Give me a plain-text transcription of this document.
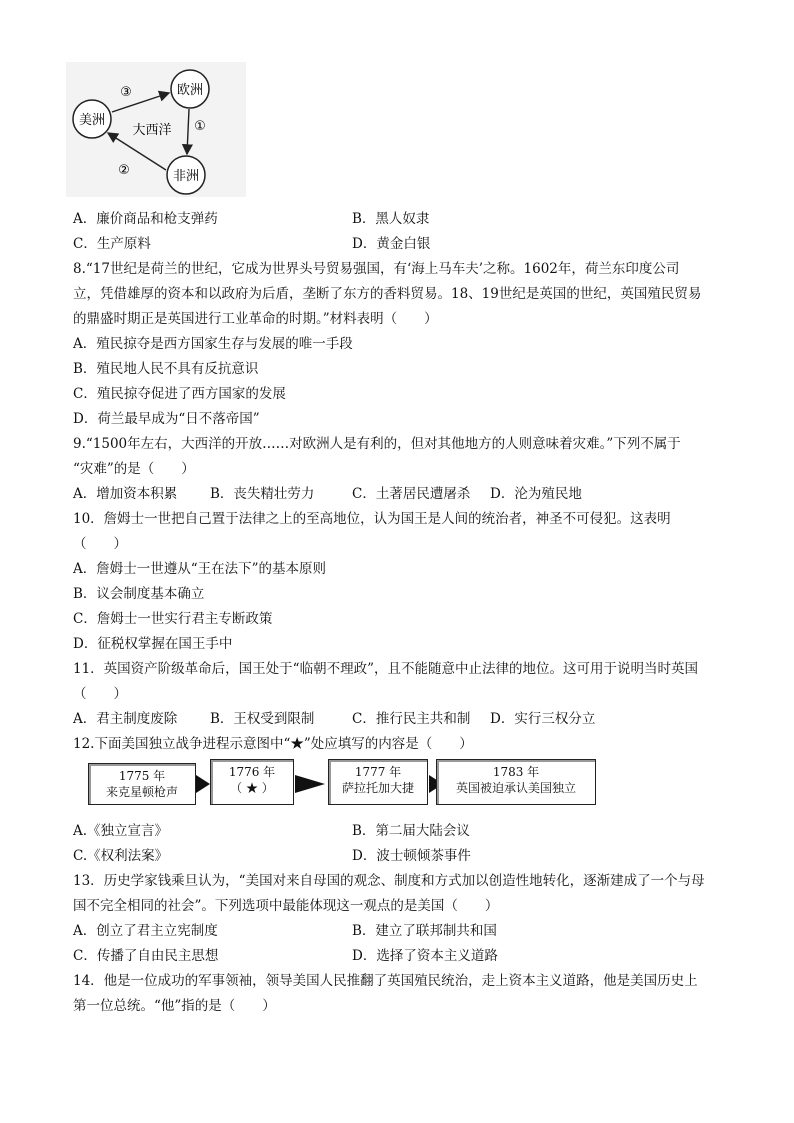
美洲
欧洲
非洲
大西洋
③
①
②
A．廉价商品和枪支弹药	B．黑人奴隶
C．生产原料	D．黄金白银
8.“17世纪是荷兰的世纪，它成为世界头号贸易强国，有‘海上马车夫’之称。1602年，荷兰东印度公司
立，凭借雄厚的资本和以政府为后盾，垄断了东方的香料贸易。18、19世纪是英国的世纪，英国殖民贸易
的鼎盛时期正是英国进行工业革命的时期。”材料表明（　　）
A．殖民掠夺是西方国家生存与发展的唯一手段
B．殖民地人民不具有反抗意识
C．殖民掠夺促进了西方国家的发展
D．荷兰最早成为“日不落帝国”
9.“1500年左右，大西洋的开放……对欧洲人是有利的，但对其他地方的人则意味着灾难。”下列不属于
“灾难”的是（　　）
A．增加资本积累 B．丧失精壮劳力	C．土著居民遭屠杀 D．沦为殖民地
10．詹姆士一世把自己置于法律之上的至高地位，认为国王是人间的统治者，神圣不可侵犯。这表明
（　　）
A．詹姆士一世遵从“王在法下”的基本原则
B．议会制度基本确立
C．詹姆士一世实行君主专断政策
D．征税权掌握在国王手中
11．英国资产阶级革命后，国王处于“临朝不理政”，且不能随意中止法律的地位。这可用于说明当时英国
（　　）
A．君主制度废除 B．王权受到限制	C．推行民主共和制 D．实行三权分立
12.下面美国独立战争进程示意图中“★”处应填写的内容是（　　）
1775 年
来克星顿枪声
1776 年
（ ★ ）
1777 年
萨拉托加大捷
1783 年
英国被迫承认美国独立
A.《独立宣言》	B．第二届大陆会议
C.《权利法案》	D．波士顿倾茶事件
13．历史学家钱乘旦认为，“美国对来自母国的观念、制度和方式加以创造性地转化，逐渐建成了一个与母
国不完全相同的社会”。下列选项中最能体现这一观点的是美国（　　）
A．创立了君主立宪制度	B．建立了联邦制共和国
C．传播了自由民主思想	D．选择了资本主义道路
14．他是一位成功的军事领袖，领导美国人民推翻了英国殖民统治，走上资本主义道路，他是美国历史上
第一位总统。“他”指的是（　　）
